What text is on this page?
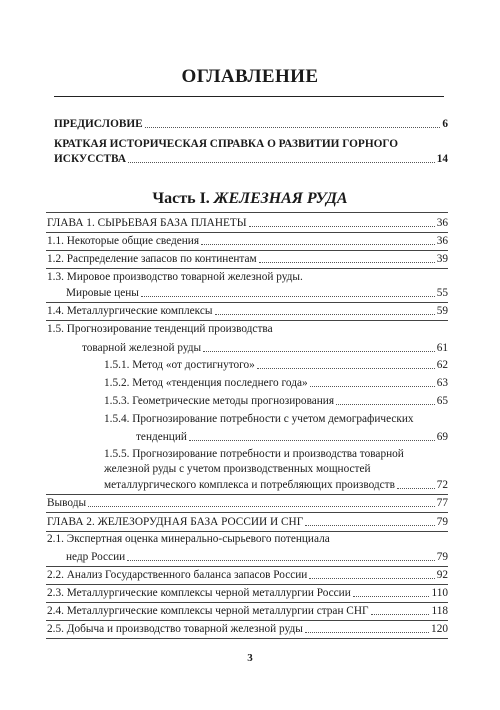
ОГЛАВЛЕНИЕ
ПРЕДИСЛОВИЕ	6
КРАТКАЯ ИСТОРИЧЕСКАЯ СПРАВКА О РАЗВИТИИ ГОРНОГО
ИСКУССТВА	14
Часть I. ЖЕЛЕЗНАЯ РУДА
ГЛАВА 1. СЫРЬЕВАЯ БАЗА ПЛАНЕТЫ	36
1.1. Некоторые общие сведения	36
1.2. Распределение запасов по континентам	39
1.3. Мировое производство товарной железной руды.
Мировые цены	55
1.4. Металлургические комплексы	59
1.5. Прогнозирование тенденций производства
товарной железной руды	61
1.5.1. Метод «от достигнутого»	62
1.5.2. Метод «тенденция последнего года»	63
1.5.3. Геометрические методы прогнозирования	65
1.5.4. Прогнозирование потребности с учетом демографических
тенденций	69
1.5.5. Прогнозирование потребности и производства товарной
железной руды с учетом производственных мощностей
металлургического комплекса и потребляющих производств	72
Выводы	77
ГЛАВА 2. ЖЕЛЕЗОРУДНАЯ БАЗА РОССИИ И СНГ	79
2.1. Экспертная оценка минерально-сырьевого потенциала
недр России	79
2.2. Анализ Государственного баланса запасов России	92
2.3. Металлургические комплексы черной металлургии России	110
2.4. Металлургические комплексы черной металлургии стран СНГ	118
2.5. Добыча и производство товарной железной руды	120
3
